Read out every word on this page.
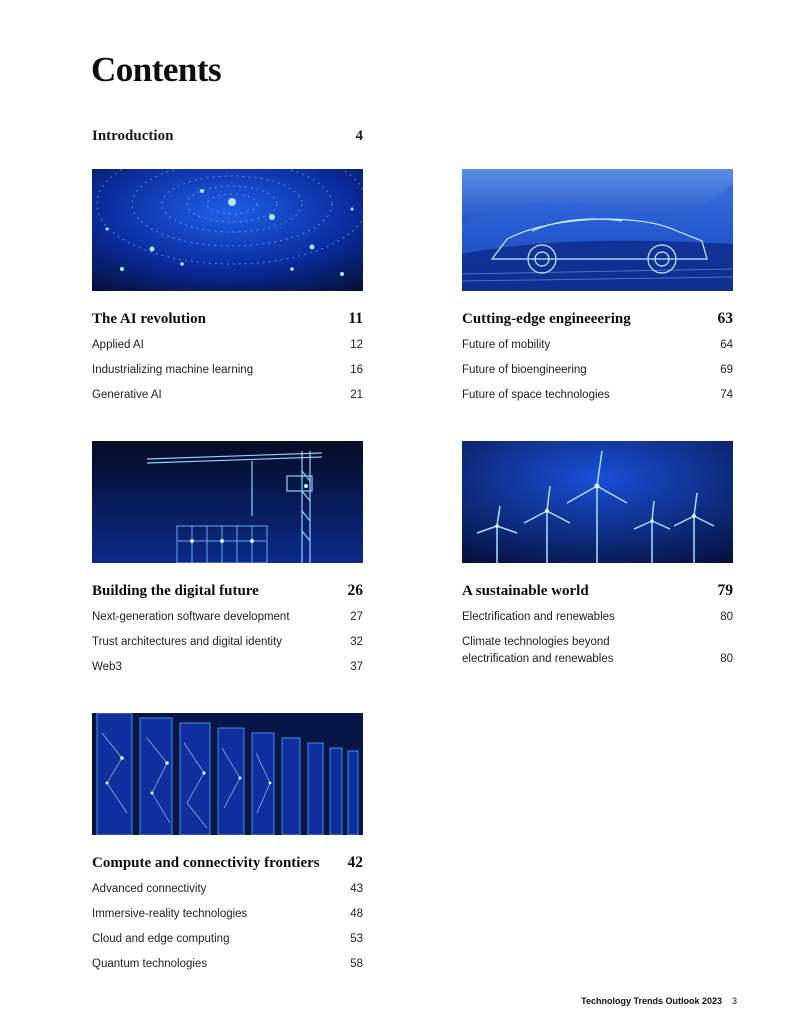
Contents
Introduction	4
The AI revolution	11
Applied AI	12
Industrializing machine learning	16
Generative AI	21
Cutting-edge engineeering	63
Future of mobility	64
Future of bioengineering	69
Future of space technologies	74
Building the digital future	26
Next-generation software development	27
Trust architectures and digital identity	32
Web3	37
A sustainable world	79
Electrification and renewables	80
Climate technologies beyond electrification and renewables	80
Compute and connectivity frontiers 42
Advanced connectivity	43
Immersive-reality technologies	48
Cloud and edge computing	53
Quantum technologies	58
Technology Trends Outlook 2023 3
